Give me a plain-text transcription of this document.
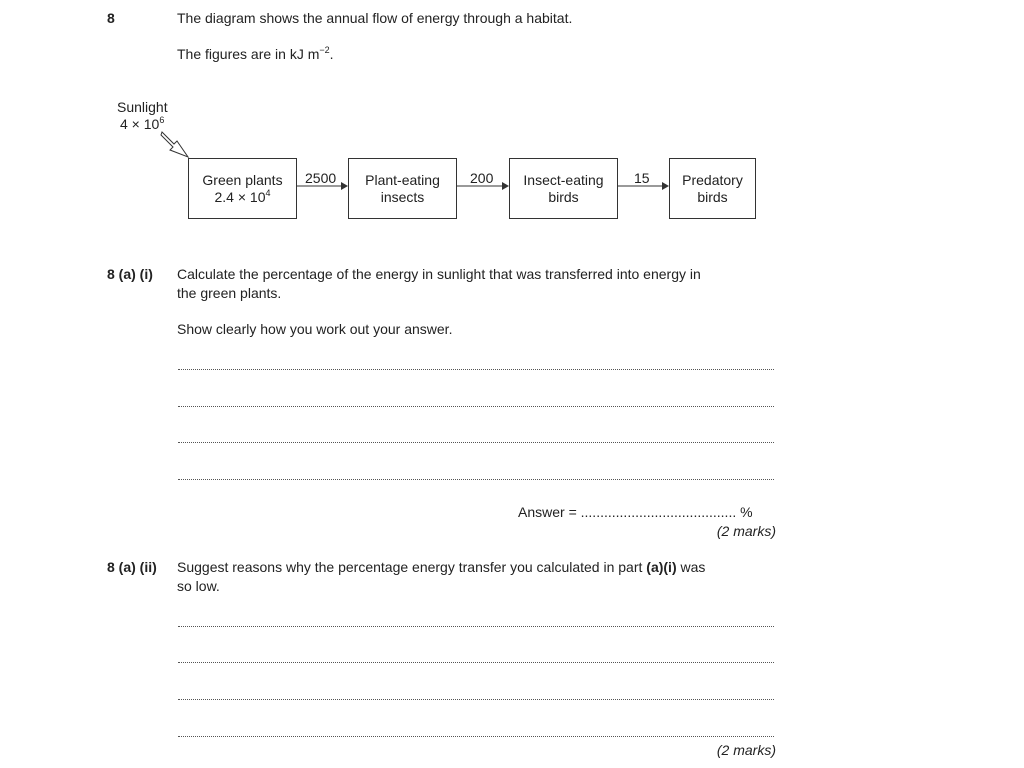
8	The diagram shows the annual flow of energy through a habitat.
The figures are in kJ $m^{-2}$.
Sunlight
$4 \times 10^6$
Green plants
$2.4 \times 10^4$
Plant-eating
insects
Insect-eating
birds
Predatory
birds
2500	200	15
8 (a) (i) Calculate the percentage of the energy in sunlight that was transferred into energy in
the green plants.
Show clearly how you work out your answer.
Answer = ........................................ %
(2 marks)
8 (a) (ii) Suggest reasons why the percentage energy transfer you calculated in part (a)(i) was
so low.
(2 marks)
